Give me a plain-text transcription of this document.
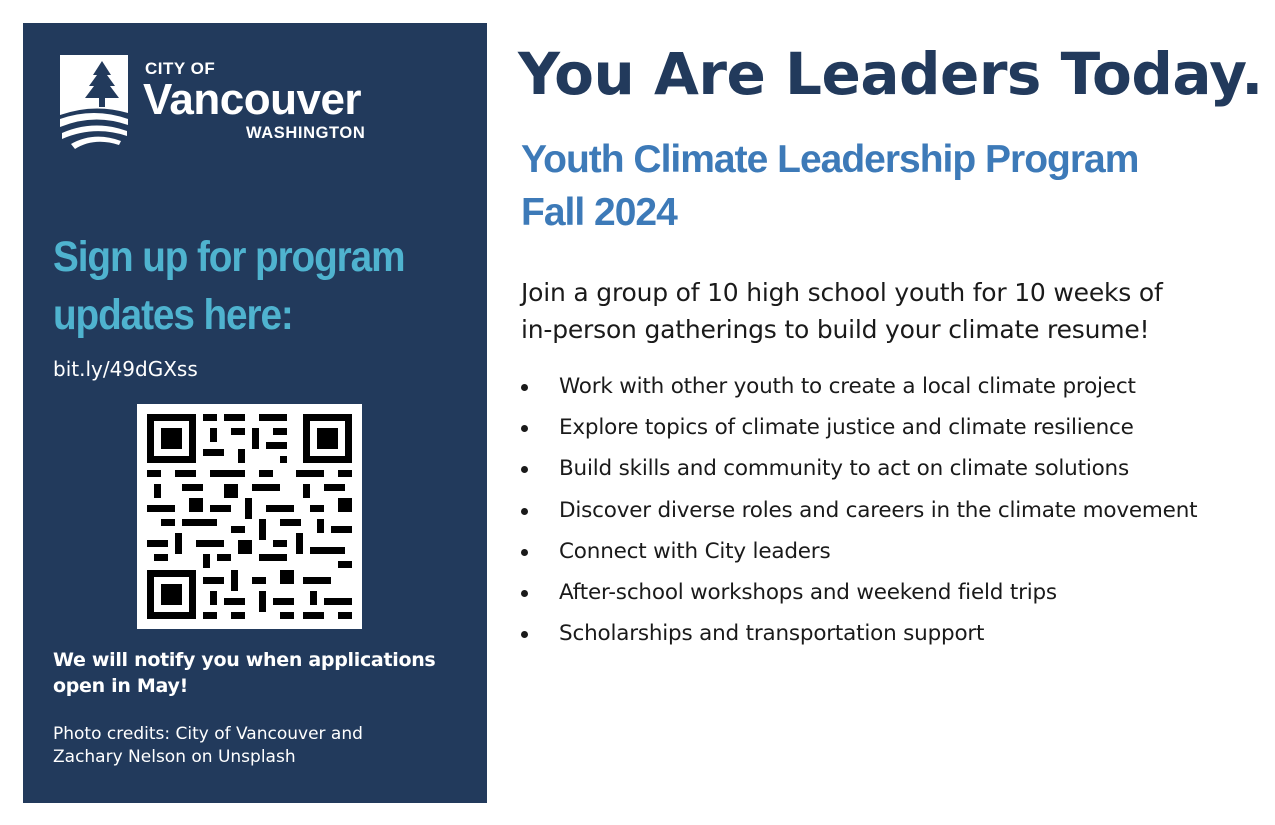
CITY OF
Vancouver
WASHINGTON
Sign up for program
updates here:
bit.ly/49dGXss
We will notify you when applications
open in May!
Photo credits: City of Vancouver and
Zachary Nelson on Unsplash
You Are Leaders Today.
Youth Climate Leadership Program
Fall 2024
Join a group of 10 high school youth for 10 weeks of
in-person gatherings to build your climate resume!
Work with other youth to create a local climate project
Explore topics of climate justice and climate resilience
Build skills and community to act on climate solutions
Discover diverse roles and careers in the climate movement
Connect with City leaders
After-school workshops and weekend field trips
Scholarships and transportation support
